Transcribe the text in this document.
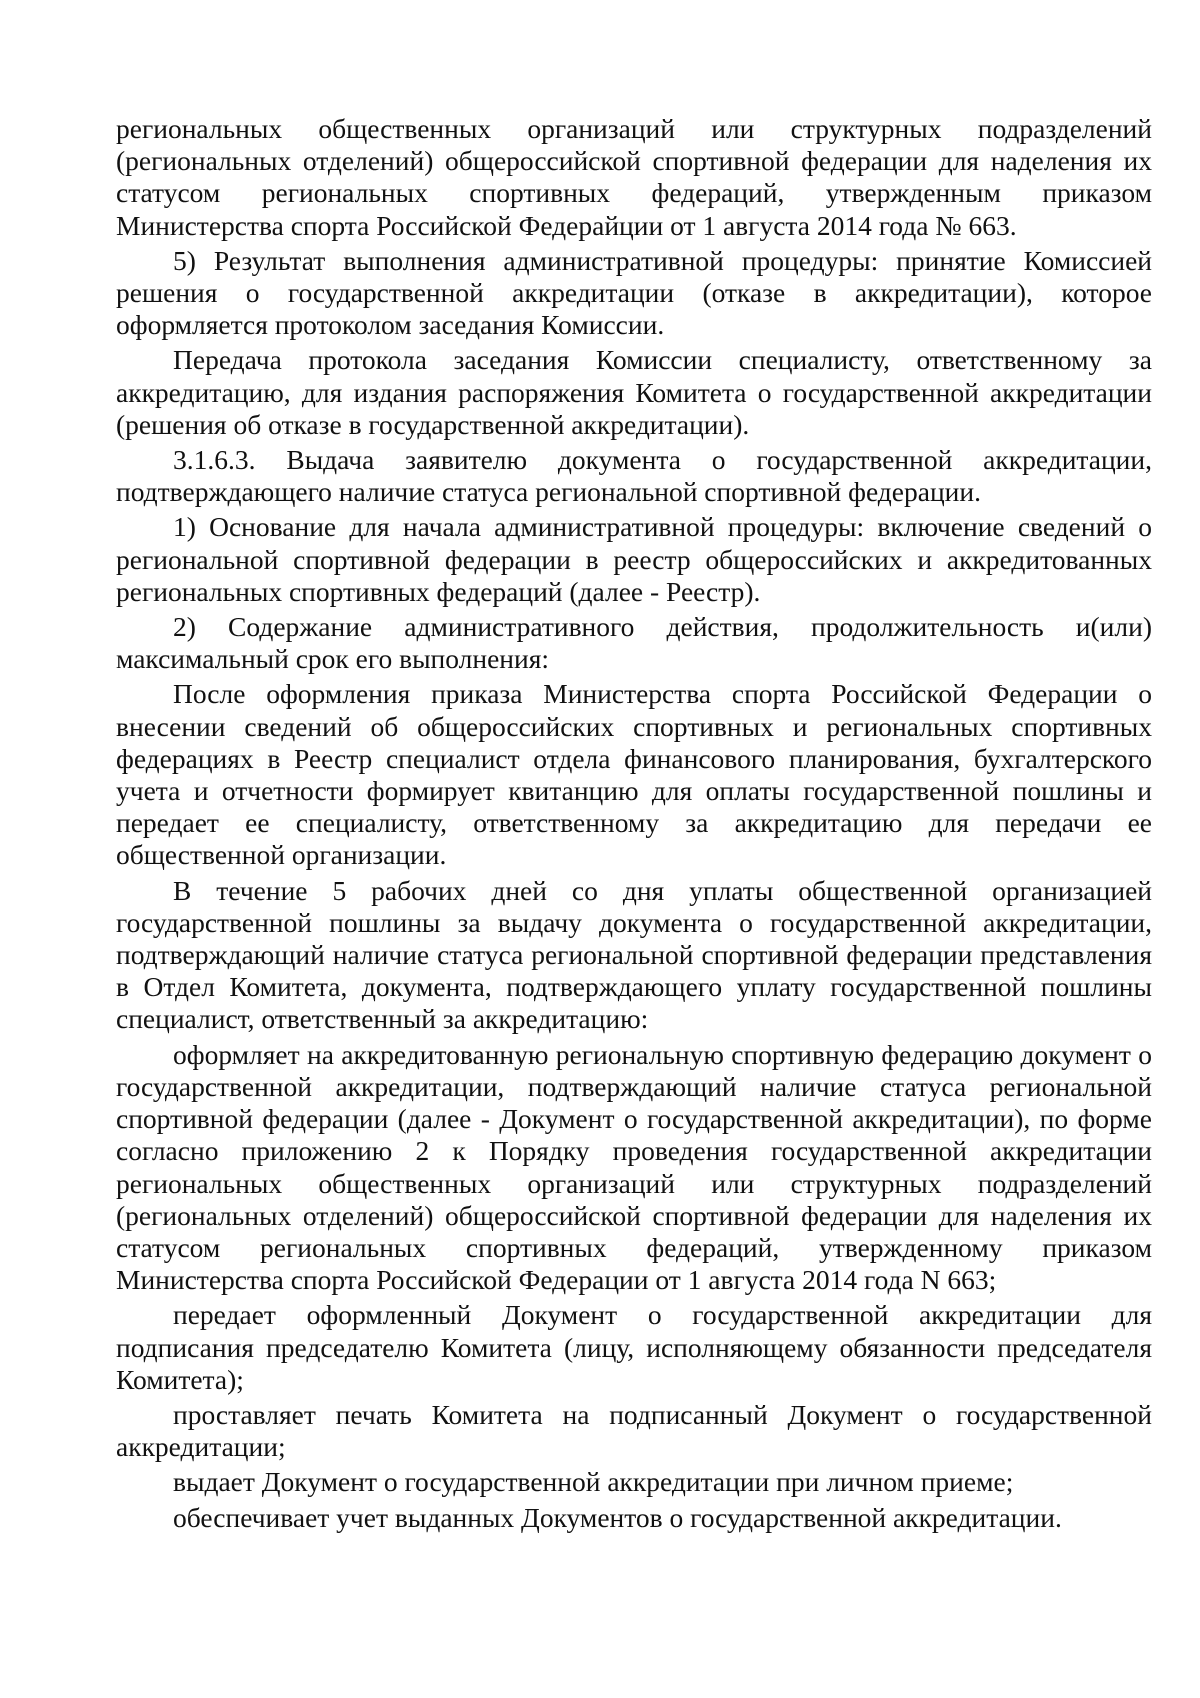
региональных общественных организаций или структурных подразделений (региональных отделений) общероссийской спортивной федерации для наделения их статусом региональных спортивных федераций, утвержденным приказом Министерства спорта Российской Федерайции от 1 августа 2014 года № 663.

5) Результат выполнения административной процедуры: принятие Комиссией решения о государственной аккредитации (отказе в аккредитации), которое оформляется протоколом заседания Комиссии.

Передача протокола заседания Комиссии специалисту, ответственному за аккредитацию, для издания распоряжения Комитета о государственной аккредитации (решения об отказе в государственной аккредитации).

3.1.6.3. Выдача заявителю документа о государственной аккредитации, подтверждающего наличие статуса региональной спортивной федерации.

1) Основание для начала административной процедуры: включение сведений о региональной спортивной федерации в реестр общероссийских и аккредитованных региональных спортивных федераций (далее - Реестр).

2) Содержание административного действия, продолжительность и(или) максимальный срок его выполнения:

После оформления приказа Министерства спорта Российской Федерации о внесении сведений об общероссийских спортивных и региональных спортивных федерациях в Реестр специалист отдела финансового планирования, бухгалтерского учета и отчетности формирует квитанцию для оплаты государственной пошлины и передает ее специалисту, ответственному за аккредитацию для передачи ее общественной организации.

В течение 5 рабочих дней со дня уплаты общественной организацией государственной пошлины за выдачу документа о государственной аккредитации, подтверждающий наличие статуса региональной спортивной федерации представления в Отдел Комитета, документа, подтверждающего уплату государственной пошлины специалист, ответственный за аккредитацию:

оформляет на аккредитованную региональную спортивную федерацию документ о государственной аккредитации, подтверждающий наличие статуса региональной спортивной федерации (далее - Документ о государственной аккредитации), по форме согласно приложению 2 к Порядку проведения государственной аккредитации региональных общественных организаций или структурных подразделений (региональных отделений) общероссийской спортивной федерации для наделения их статусом региональных спортивных федераций, утвержденному приказом Министерства спорта Российской Федерации от 1 августа 2014 года N 663;

передает оформленный Документ о государственной аккредитации для подписания председателю Комитета (лицу, исполняющему обязанности председателя Комитета);

проставляет печать Комитета на подписанный Документ о государственной аккредитации;

выдает Документ о государственной аккредитации при личном приеме;

обеспечивает учет выданных Документов о государственной аккредитации.
